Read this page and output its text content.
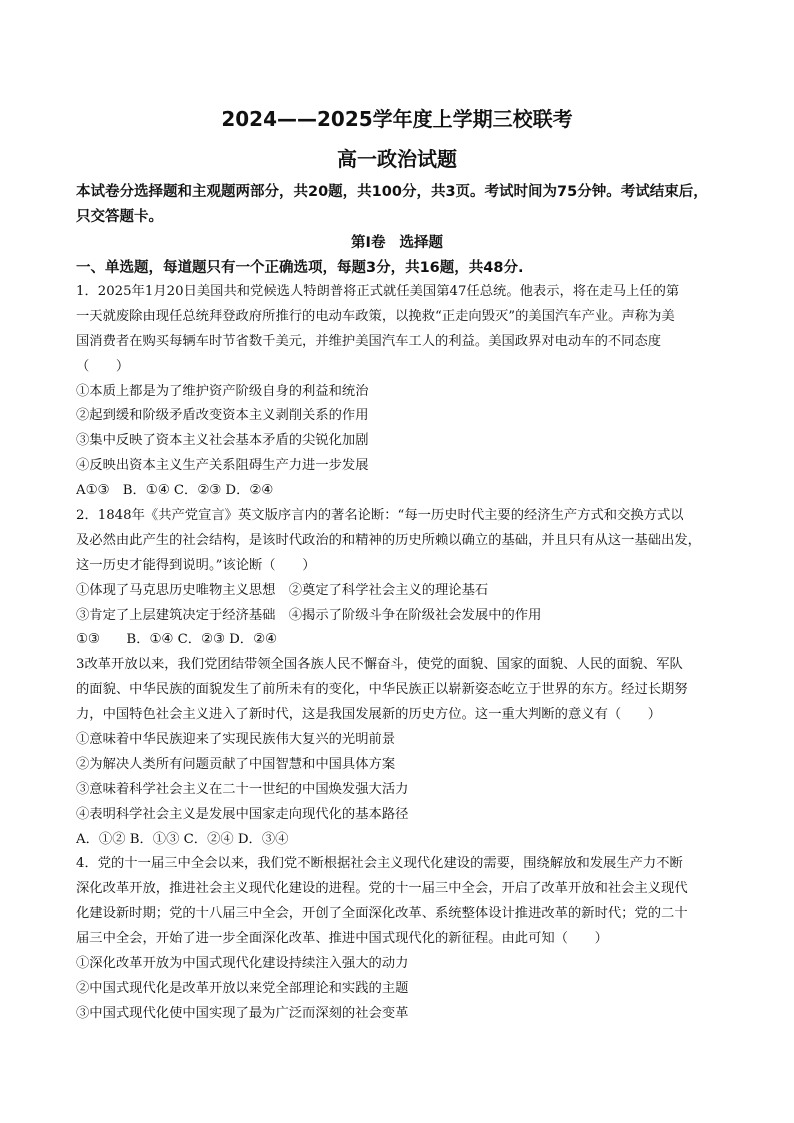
2024——2025学年度上学期三校联考
高一政治试题
本试卷分选择题和主观题两部分，共20题，共100分，共3页。考试时间为75分钟。考试结束后，只交答题卡。
第Ⅰ卷 选择题
一、单选题，每道题只有一个正确选项，每题3分，共16题，共48分.
1．2025年1月20日美国共和党候选人特朗普将正式就任美国第47任总统。他表示，将在走马上任的第
一天就废除由现任总统拜登政府所推行的电动车政策，以挽救“正走向毁灭”的美国汽车产业。声称为美
国消费者在购买每辆车时节省数千美元，并维护美国汽车工人的利益。美国政界对电动车的不同态度
（　　）
①本质上都是为了维护资产阶级自身的利益和统治
②起到缓和阶级矛盾改变资本主义剥削关系的作用
③集中反映了资本主义社会基本矛盾的尖锐化加剧
④反映出资本主义生产关系阻碍生产力进一步发展
A①③　B．①④ C．②③ D．②④
2．1848年《共产党宣言》英文版序言内的著名论断：“每一历史时代主要的经济生产方式和交换方式以
及必然由此产生的社会结构，是该时代政治的和精神的历史所赖以确立的基础，并且只有从这一基础出发，
这一历史才能得到说明。”该论断（　　）
①体现了马克思历史唯物主义思想　②奠定了科学社会主义的理论基石
③肯定了上层建筑决定于经济基础　④揭示了阶级斗争在阶级社会发展中的作用
①③　　B．①④ C．②③ D．②④
3改革开放以来，我们党团结带领全国各族人民不懈奋斗，使党的面貌、国家的面貌、人民的面貌、军队
的面貌、中华民族的面貌发生了前所未有的变化，中华民族正以崭新姿态屹立于世界的东方。经过长期努
力，中国特色社会主义进入了新时代，这是我国发展新的历史方位。这一重大判断的意义有（　　）
①意味着中华民族迎来了实现民族伟大复兴的光明前景
②为解决人类所有问题贡献了中国智慧和中国具体方案
③意味着科学社会主义在二十一世纪的中国焕发强大活力
④表明科学社会主义是发展中国家走向现代化的基本路径
A．①② B．①③ C．②④ D．③④
4．党的十一届三中全会以来，我们党不断根据社会主义现代化建设的需要，围绕解放和发展生产力不断
深化改革开放，推进社会主义现代化建设的进程。党的十一届三中全会，开启了改革开放和社会主义现代
化建设新时期；党的十八届三中全会，开创了全面深化改革、系统整体设计推进改革的新时代；党的二十
届三中全会，开始了进一步全面深化改革、推进中国式现代化的新征程。由此可知（　　）
①深化改革开放为中国式现代化建设持续注入强大的动力
②中国式现代化是改革开放以来党全部理论和实践的主题
③中国式现代化使中国实现了最为广泛而深刻的社会变革
